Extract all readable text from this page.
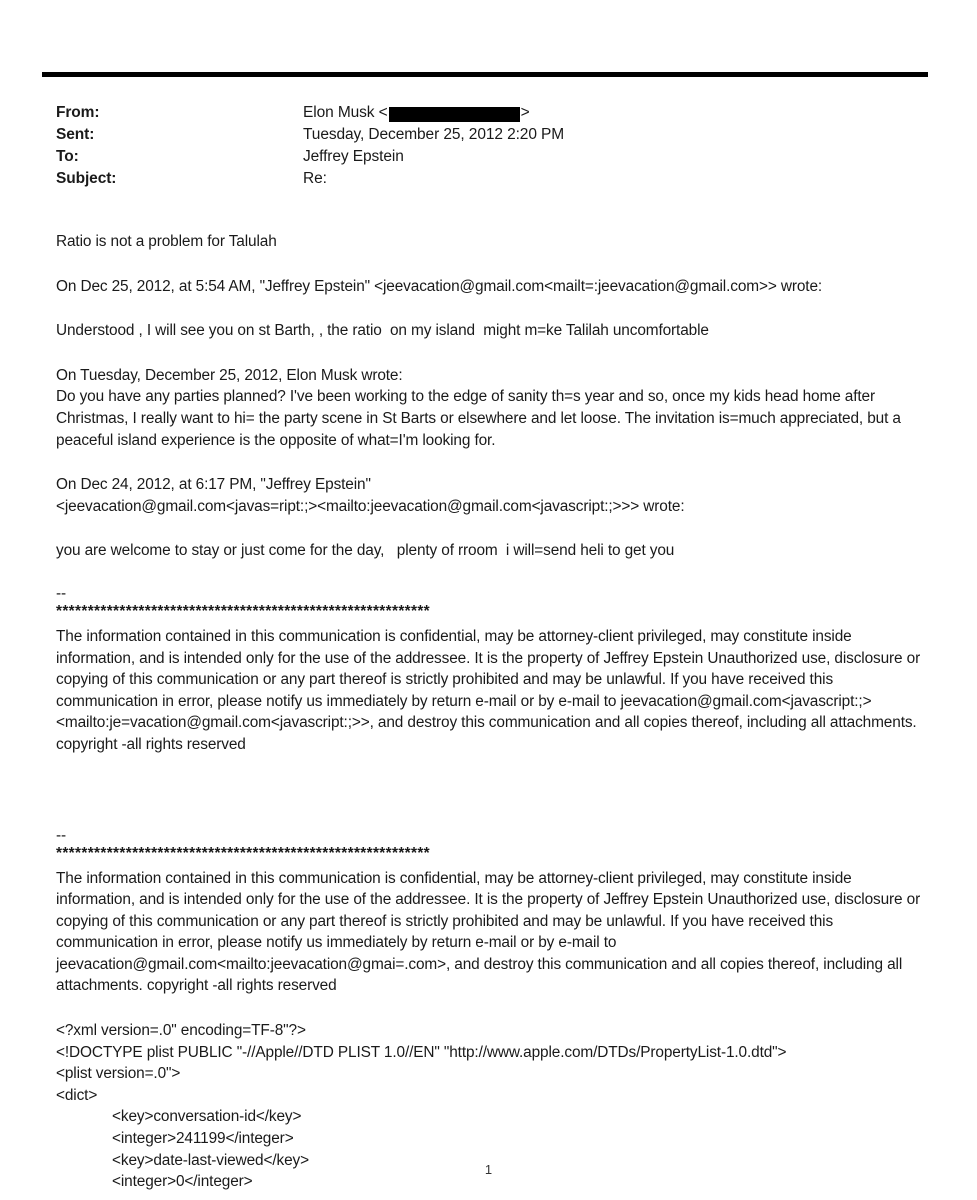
From:	Elon Musk <	>
Sent:	Tuesday, December 25, 2012 2:20 PM
To:	Jeffrey Epstein
Subject:	Re:

Ratio is not a problem for Talulah

On Dec 25, 2012, at 5:54 AM, "Jeffrey Epstein" <jeevacation@gmail.com<mailt=:jeevacation@gmail.com>> wrote:

Understood , I will see you on st Barth, , the ratio  on my island  might m=ke Talilah uncomfortable

On Tuesday, December 25, 2012, Elon Musk wrote:

Do you have any parties planned? I've been working to the edge of sanity th=s year and so, once my kids head home after Christmas, I really want to hi= the party scene in St Barts or elsewhere and let loose. The invitation is=much appreciated, but a peaceful island experience is the opposite of what=I'm looking for.

On Dec 24, 2012, at 6:17 PM, "Jeffrey Epstein"

<jeevacation@gmail.com<javas=ript:;><mailto:jeevacation@gmail.com<javascript:;>>> wrote:

you are welcome to stay or just come for the day,   plenty of rroom  i will=send heli to get you

--

***********************************************************

The information contained in this communication is confidential, may be attorney-client privileged, may constitute inside information, and is intended only for the use of the addressee. It is the property of Jeffrey Epstein Unauthorized use, disclosure or copying of this communication or any part thereof is strictly prohibited and may be unlawful. If you have received this communication in error, please notify us immediately by return e-mail or by e-mail to jeevacation@gmail.com<javascript:;><mailto:je=vacation@gmail.com<javascript:;>>, and destroy this communication and all copies thereof, including all attachments. copyright -all rights reserved

--

***********************************************************

The information contained in this communication is confidential, may be attorney-client privileged, may constitute inside information, and is intended only for the use of the addressee. It is the property of Jeffrey Epstein Unauthorized use, disclosure or copying of this communication or any part thereof is strictly prohibited and may be unlawful. If you have received this communication in error, please notify us immediately by return e-mail or by e-mail to jeevacation@gmail.com<mailto:jeevacation@gmai=.com>, and destroy this communication and all copies thereof, including all attachments. copyright -all rights reserved

<?xml version=.0" encoding=TF-8"?>
<!DOCTYPE plist PUBLIC "-//Apple//DTD PLIST 1.0//EN" "http://www.apple.com/DTDs/PropertyList-1.0.dtd">
<plist version=.0">
<dict>
<key>conversation-id</key>
<integer>241199</integer>
<key>date-last-viewed</key>
<integer>0</integer>
1
